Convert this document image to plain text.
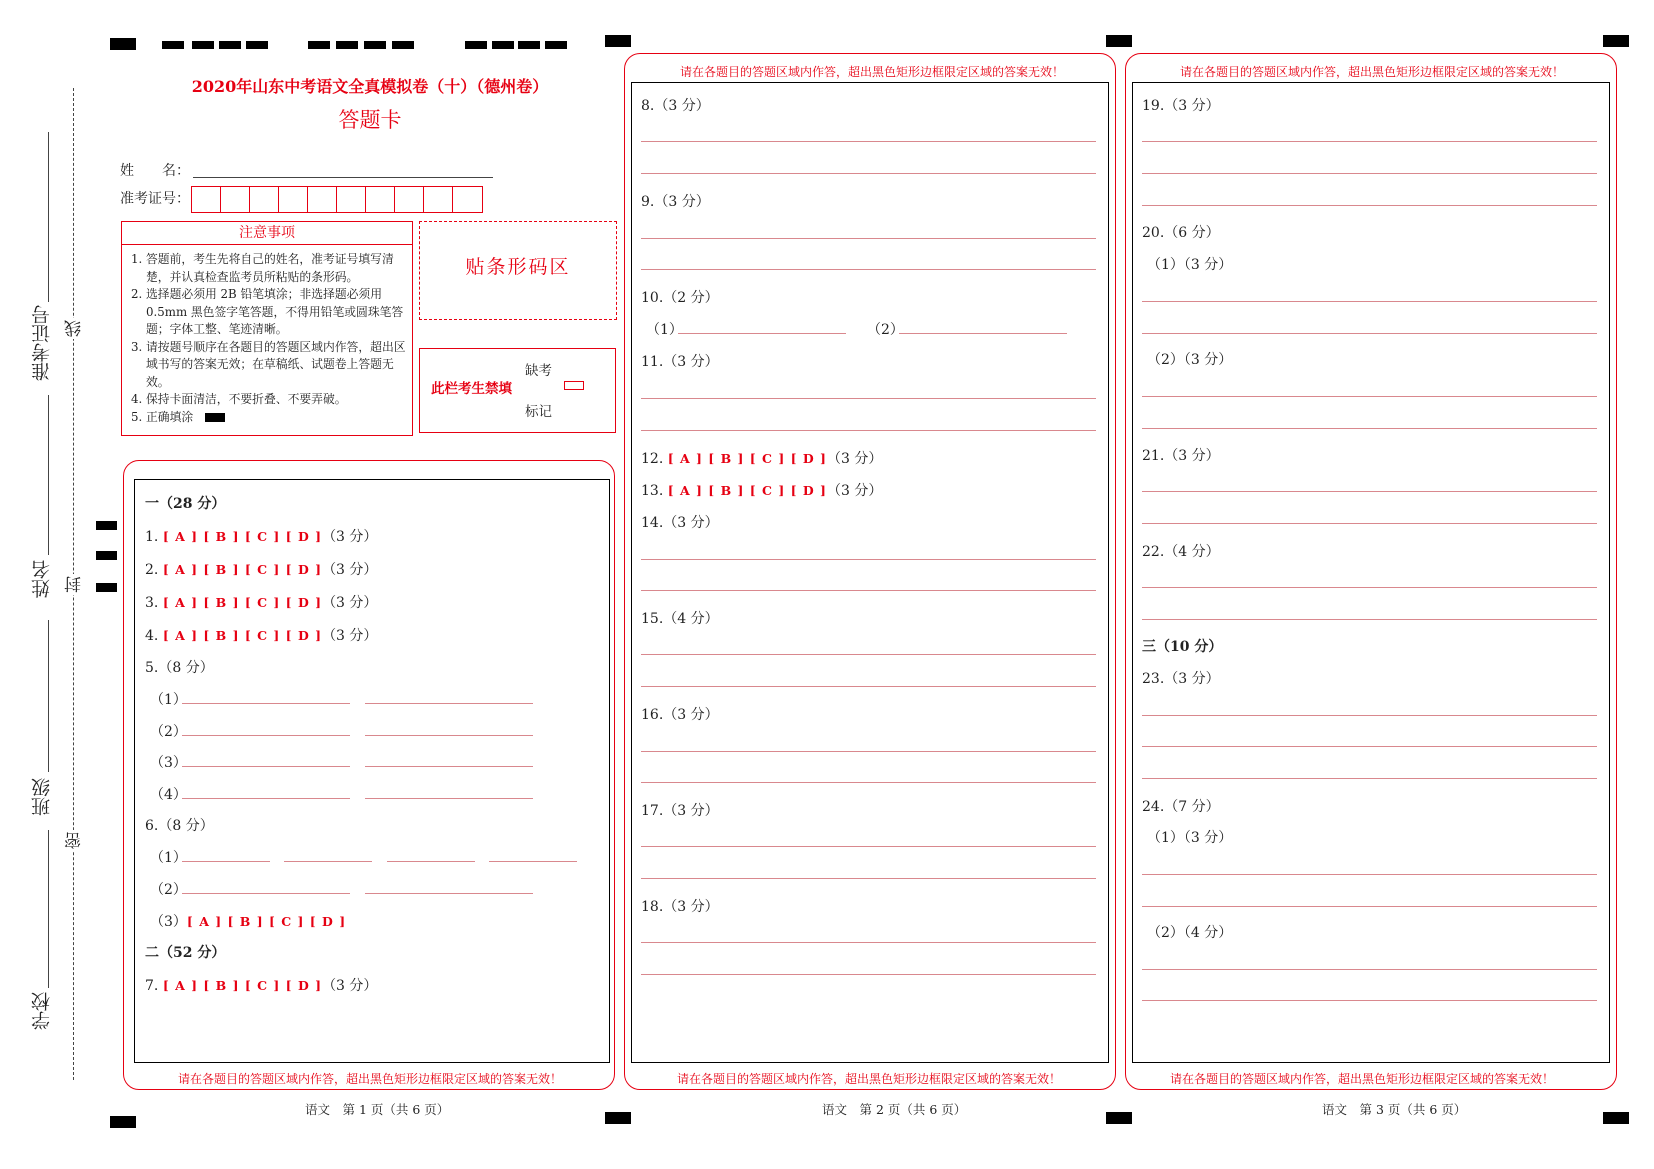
准考证号
姓名
班级
学校
线
封
密
2020年山东中考语文全真模拟卷（十）（德州卷）
答题卡
姓　　名：
准考证号：
注意事项
1. 答题前，考生先将自己的姓名，准考证号填写清楚，并认真检查监考员所粘贴的条形码。
2. 选择题必须用 2B 铅笔填涂；非选择题必须用 0.5mm 黑色签字笔答题，不得用铅笔或圆珠笔答题；字体工整、笔迹清晰。
3. 请按题号顺序在各题目的答题区域内作答，超出区域书写的答案无效；在草稿纸、试题卷上答题无效。
4. 保持卡面清洁，不要折叠、不要弄破。
5. 正确填涂
贴条形码区
此栏考生禁填
缺考
标记
请在各题目的答题区域内作答，超出黑色矩形边框限定区域的答案无效！
一（28 分）
1. [ A ] [ B ] [ C ] [ D ]（3 分）
2. [ A ] [ B ] [ C ] [ D ]（3 分）
3. [ A ] [ B ] [ C ] [ D ]（3 分）
4. [ A ] [ B ] [ C ] [ D ]（3 分）
5.（8 分）
（1）
（2）
（3）
（4）
6.（8 分）
（1）
（2）
（3）[ A ] [ B ] [ C ] [ D ]
二（52 分）
7. [ A ] [ B ] [ C ] [ D ]（3 分）
语文　第 1 页（共 6 页）
请在各题目的答题区域内作答，超出黑色矩形边框限定区域的答案无效！
请在各题目的答题区域内作答，超出黑色矩形边框限定区域的答案无效！
8.（3 分）
9.（3 分）
10.（2 分）
（1）	（2）
11.（3 分）
12. [ A ] [ B ] [ C ] [ D ]（3 分）
13. [ A ] [ B ] [ C ] [ D ]（3 分）
14.（3 分）
15.（4 分）
16.（3 分）
17.（3 分）
18.（3 分）
语文　第 2 页（共 6 页）
请在各题目的答题区域内作答，超出黑色矩形边框限定区域的答案无效！
请在各题目的答题区域内作答，超出黑色矩形边框限定区域的答案无效！
19.（3 分）
20.（6 分）
（1）（3 分）
（2）（3 分）
21.（3 分）
22.（4 分）
三（10 分）
23.（3 分）
24.（7 分）
（1）（3 分）
（2）（4 分）
语文　第 3 页（共 6 页）
